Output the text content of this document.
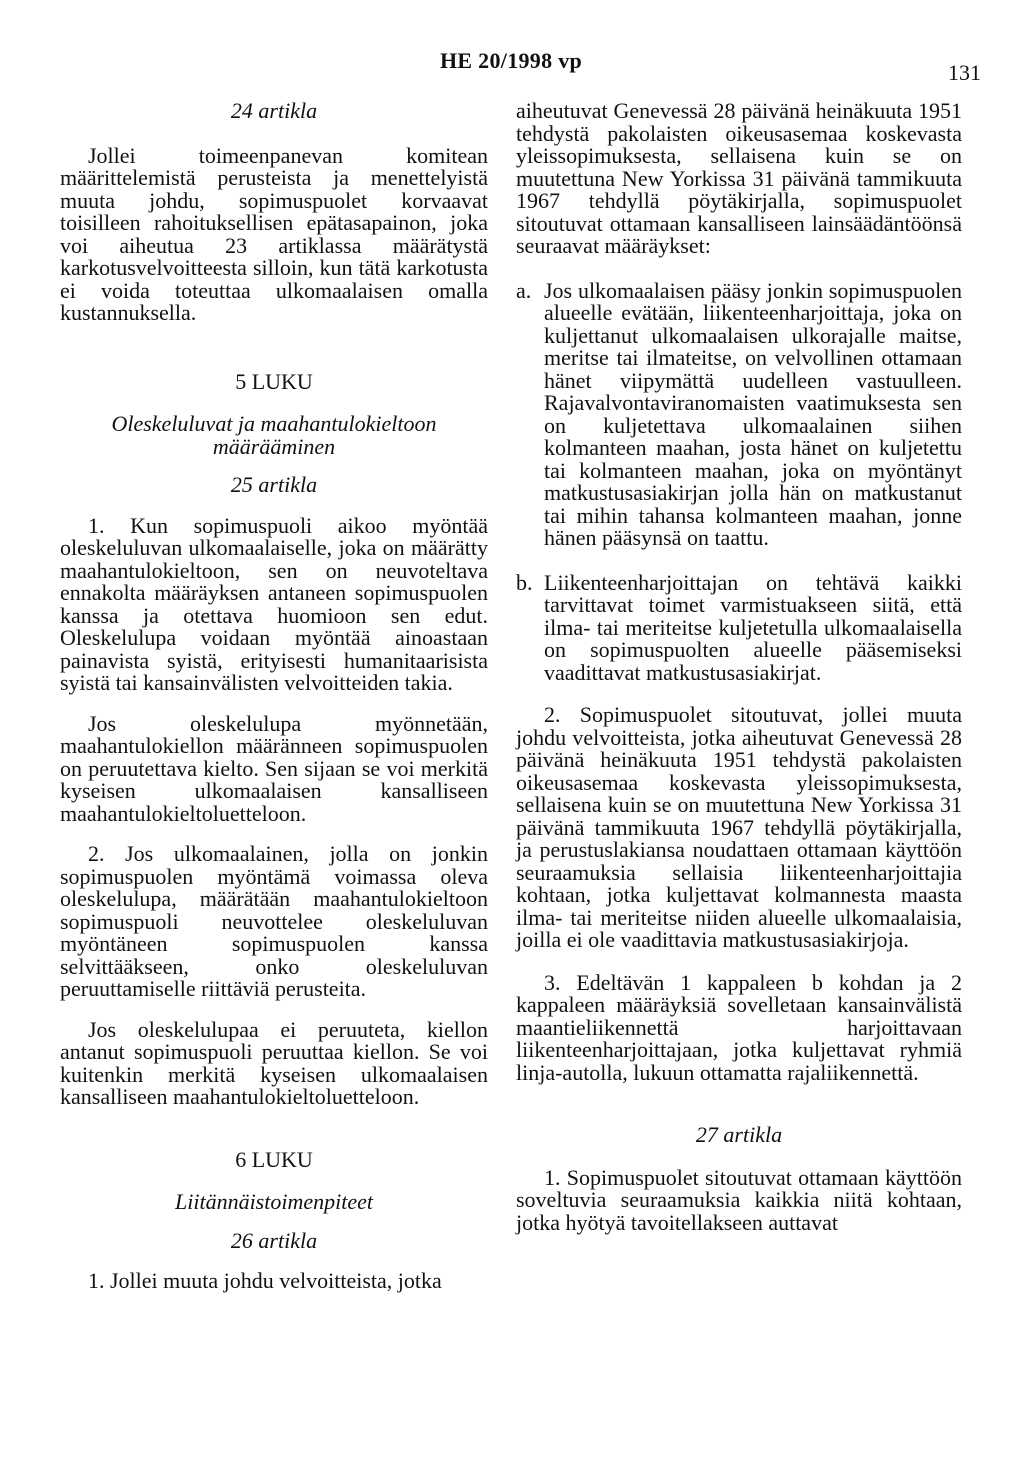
HE 20/1998 vp	131

24 artikla

Jollei toimeenpanevan komitean määrittelemistä perusteista ja menettelyistä muuta johdu, sopimuspuolet korvaavat toisilleen rahoituksellisen epätasapainon, joka voi aiheutua 23 artiklassa määrätystä karkotusvelvoitteesta silloin, kun tätä karkotusta ei voida toteuttaa ulkomaalaisen omalla kustannuksella.

5 LUKU

Oleskeluluvat ja maahantulokieltoon määrääminen

25 artikla

1. Kun sopimuspuoli aikoo myöntää oleskeluluvan ulkomaalaiselle, joka on määrätty maahantulokieltoon, sen on neuvoteltava ennakolta määräyksen antaneen sopimuspuolen kanssa ja otettava huomioon sen edut. Oleskelulupa voidaan myöntää ainoastaan painavista syistä, erityisesti humanitaarisista syistä tai kansainvälisten velvoitteiden takia.

Jos oleskelulupa myönnetään, maahantulokiellon määränneen sopimuspuolen on peruutettava kielto. Sen sijaan se voi merkitä kyseisen ulkomaalaisen kansalliseen maahantulokieltoluetteloon.

2. Jos ulkomaalainen, jolla on jonkin sopimuspuolen myöntämä voimassa oleva oleskelulupa, määrätään maahantulokieltoon sopimuspuoli neuvottelee oleskeluluvan myöntäneen sopimuspuolen kanssa selvittääkseen, onko oleskeluluvan peruuttamiselle riittäviä perusteita.

Jos oleskelulupaa ei peruuteta, kiellon antanut sopimuspuoli peruuttaa kiellon. Se voi kuitenkin merkitä kyseisen ulkomaalaisen kansalliseen maahantulokieltoluetteloon.

6 LUKU

Liitännäistoimenpiteet

26 artikla

1. Jollei muuta johdu velvoitteista, jotka

aiheutuvat Genevessä 28 päivänä heinäkuuta 1951 tehdystä pakolaisten oikeusasemaa koskevasta yleissopimuksesta, sellaisena kuin se on muutettuna New Yorkissa 31 päivänä tammikuuta 1967 tehdyllä pöytäkirjalla, sopimuspuolet sitoutuvat ottamaan kansalliseen lainsäädäntöönsä seuraavat määräykset:

a. Jos ulkomaalaisen pääsy jonkin sopimuspuolen alueelle evätään, liikenteenharjoittaja, joka on kuljettanut ulkomaalaisen ulkorajalle maitse, meritse tai ilmateitse, on velvollinen ottamaan hänet viipymättä uudelleen vastuulleen. Rajavalvontaviranomaisten vaatimuksesta sen on kuljetettava ulkomaalainen siihen kolmanteen maahan, josta hänet on kuljetettu tai kolmanteen maahan, joka on myöntänyt matkustusasiakirjan jolla hän on matkustanut tai mihin tahansa kolmanteen maahan, jonne hänen pääsynsä on taattu.
b. Liikenteenharjoittajan on tehtävä kaikki tarvittavat toimet varmistuakseen siitä, että ilma- tai meriteitse kuljetetulla ulkomaalaisella on sopimuspuolten alueelle pääsemiseksi vaadittavat matkustusasiakirjat.

2. Sopimuspuolet sitoutuvat, jollei muuta johdu velvoitteista, jotka aiheutuvat Genevessä 28 päivänä heinäkuuta 1951 tehdystä pakolaisten oikeusasemaa koskevasta yleissopimuksesta, sellaisena kuin se on muutettuna New Yorkissa 31 päivänä tammikuuta 1967 tehdyllä pöytäkirjalla, ja perustuslakiansa noudattaen ottamaan käyttöön seuraamuksia sellaisia liikenteenharjoittajia kohtaan, jotka kuljettavat kolmannesta maasta ilma- tai meriteitse niiden alueelle ulkomaalaisia, joilla ei ole vaadittavia matkustusasiakirjoja.

3. Edeltävän 1 kappaleen b kohdan ja 2 kappaleen määräyksiä sovelletaan kansainvälistä maantieliikennettä harjoittavaan liikenteenharjoittajaan, jotka kuljettavat ryhmiä linja-autolla, lukuun ottamatta rajaliikennettä.

27 artikla

1. Sopimuspuolet sitoutuvat ottamaan käyttöön soveltuvia seuraamuksia kaikkia niitä kohtaan, jotka hyötyä tavoitellakseen auttavat
